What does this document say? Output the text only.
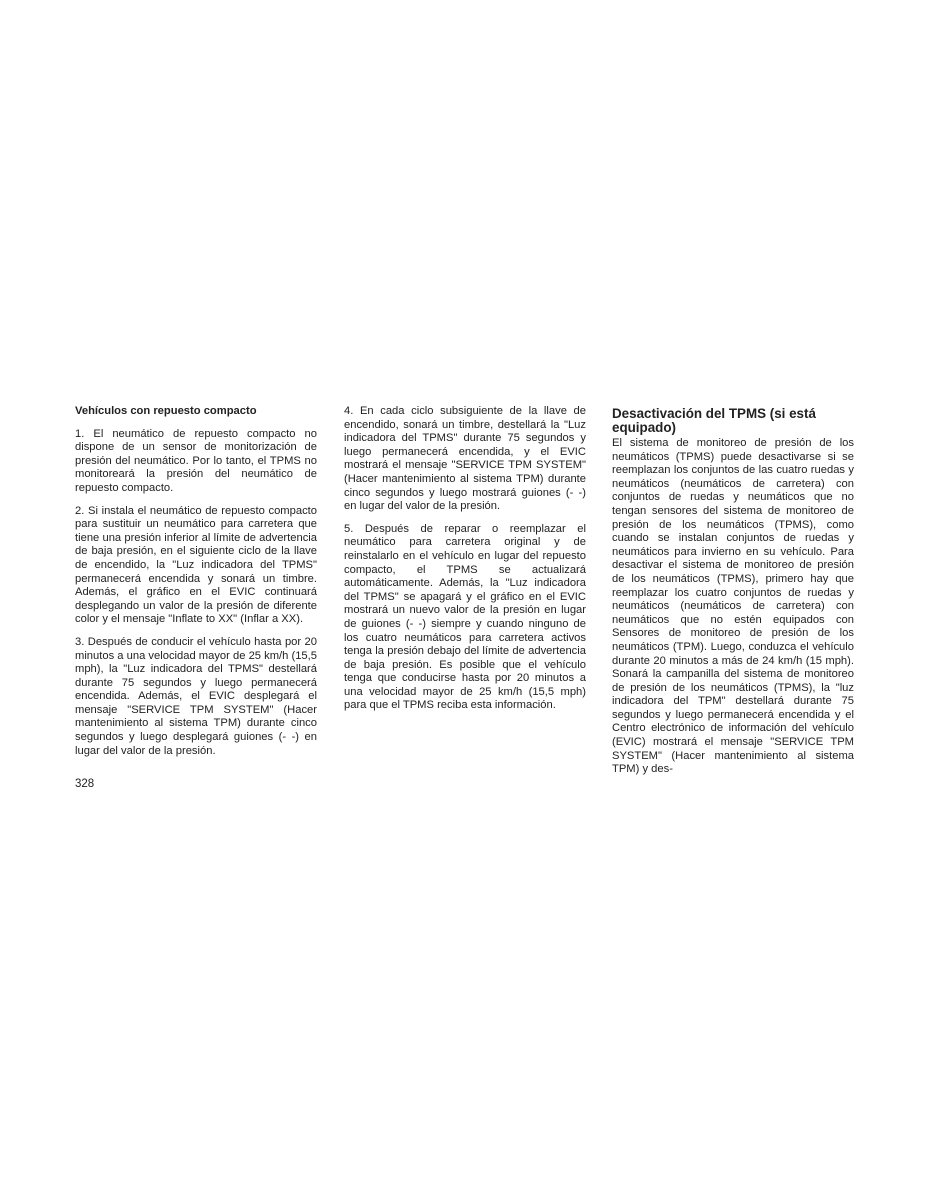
Vehículos con repuesto compacto

1. El neumático de repuesto compacto no dispone de un sensor de monitorización de presión del neumático. Por lo tanto, el TPMS no monitoreará la presión del neumático de repuesto compacto.

2. Si instala el neumático de repuesto compacto para sustituir un neumático para carretera que tiene una presión inferior al límite de advertencia de baja presión, en el siguiente ciclo de la llave de encendido, la "Luz indicadora del TPMS" permanecerá encendida y sonará un timbre. Además, el gráfico en el EVIC continuará desplegando un valor de la presión de diferente color y el mensaje "Inflate to XX" (Inflar a XX).

3. Después de conducir el vehículo hasta por 20 minutos a una velocidad mayor de 25 km/h (15,5 mph), la "Luz indicadora del TPMS" destellará durante 75 segundos y luego permanecerá encendida. Además, el EVIC desplegará el mensaje "SERVICE TPM SYSTEM" (Hacer mantenimiento al sistema TPM) durante cinco segundos y luego desplegará guiones (- -) en lugar del valor de la presión.

4. En cada ciclo subsiguiente de la llave de encendido, sonará un timbre, destellará la "Luz indicadora del TPMS" durante 75 segundos y luego permanecerá encendida, y el EVIC mostrará el mensaje "SERVICE TPM SYSTEM" (Hacer mantenimiento al sistema TPM) durante cinco segundos y luego mostrará guiones (- -) en lugar del valor de la presión.

5. Después de reparar o reemplazar el neumático para carretera original y de reinstalarlo en el vehículo en lugar del repuesto compacto, el TPMS se actualizará automáticamente. Además, la "Luz indicadora del TPMS" se apagará y el gráfico en el EVIC mostrará un nuevo valor de la presión en lugar de guiones (- -) siempre y cuando ninguno de los cuatro neumáticos para carretera activos tenga la presión debajo del límite de advertencia de baja presión. Es posible que el vehículo tenga que conducirse hasta por 20 minutos a una velocidad mayor de 25 km/h (15,5 mph) para que el TPMS reciba esta información.

Desactivación del TPMS (si está equipado)

El sistema de monitoreo de presión de los neumáticos (TPMS) puede desactivarse si se reemplazan los conjuntos de las cuatro ruedas y neumáticos (neumáticos de carretera) con conjuntos de ruedas y neumáticos que no tengan sensores del sistema de monitoreo de presión de los neumáticos (TPMS), como cuando se instalan conjuntos de ruedas y neumáticos para invierno en su vehículo. Para desactivar el sistema de monitoreo de presión de los neumáticos (TPMS), primero hay que reemplazar los cuatro conjuntos de ruedas y neumáticos (neumáticos de carretera) con neumáticos que no estén equipados con Sensores de monitoreo de presión de los neumáticos (TPM). Luego, conduzca el vehículo durante 20 minutos a más de 24 km/h (15 mph). Sonará la campanilla del sistema de monitoreo de presión de los neumáticos (TPMS), la "luz indicadora del TPM" destellará durante 75 segundos y luego permanecerá encendida y el Centro electrónico de información del vehículo (EVIC) mostrará el mensaje "SERVICE TPM SYSTEM" (Hacer mantenimiento al sistema TPM) y des-

328
